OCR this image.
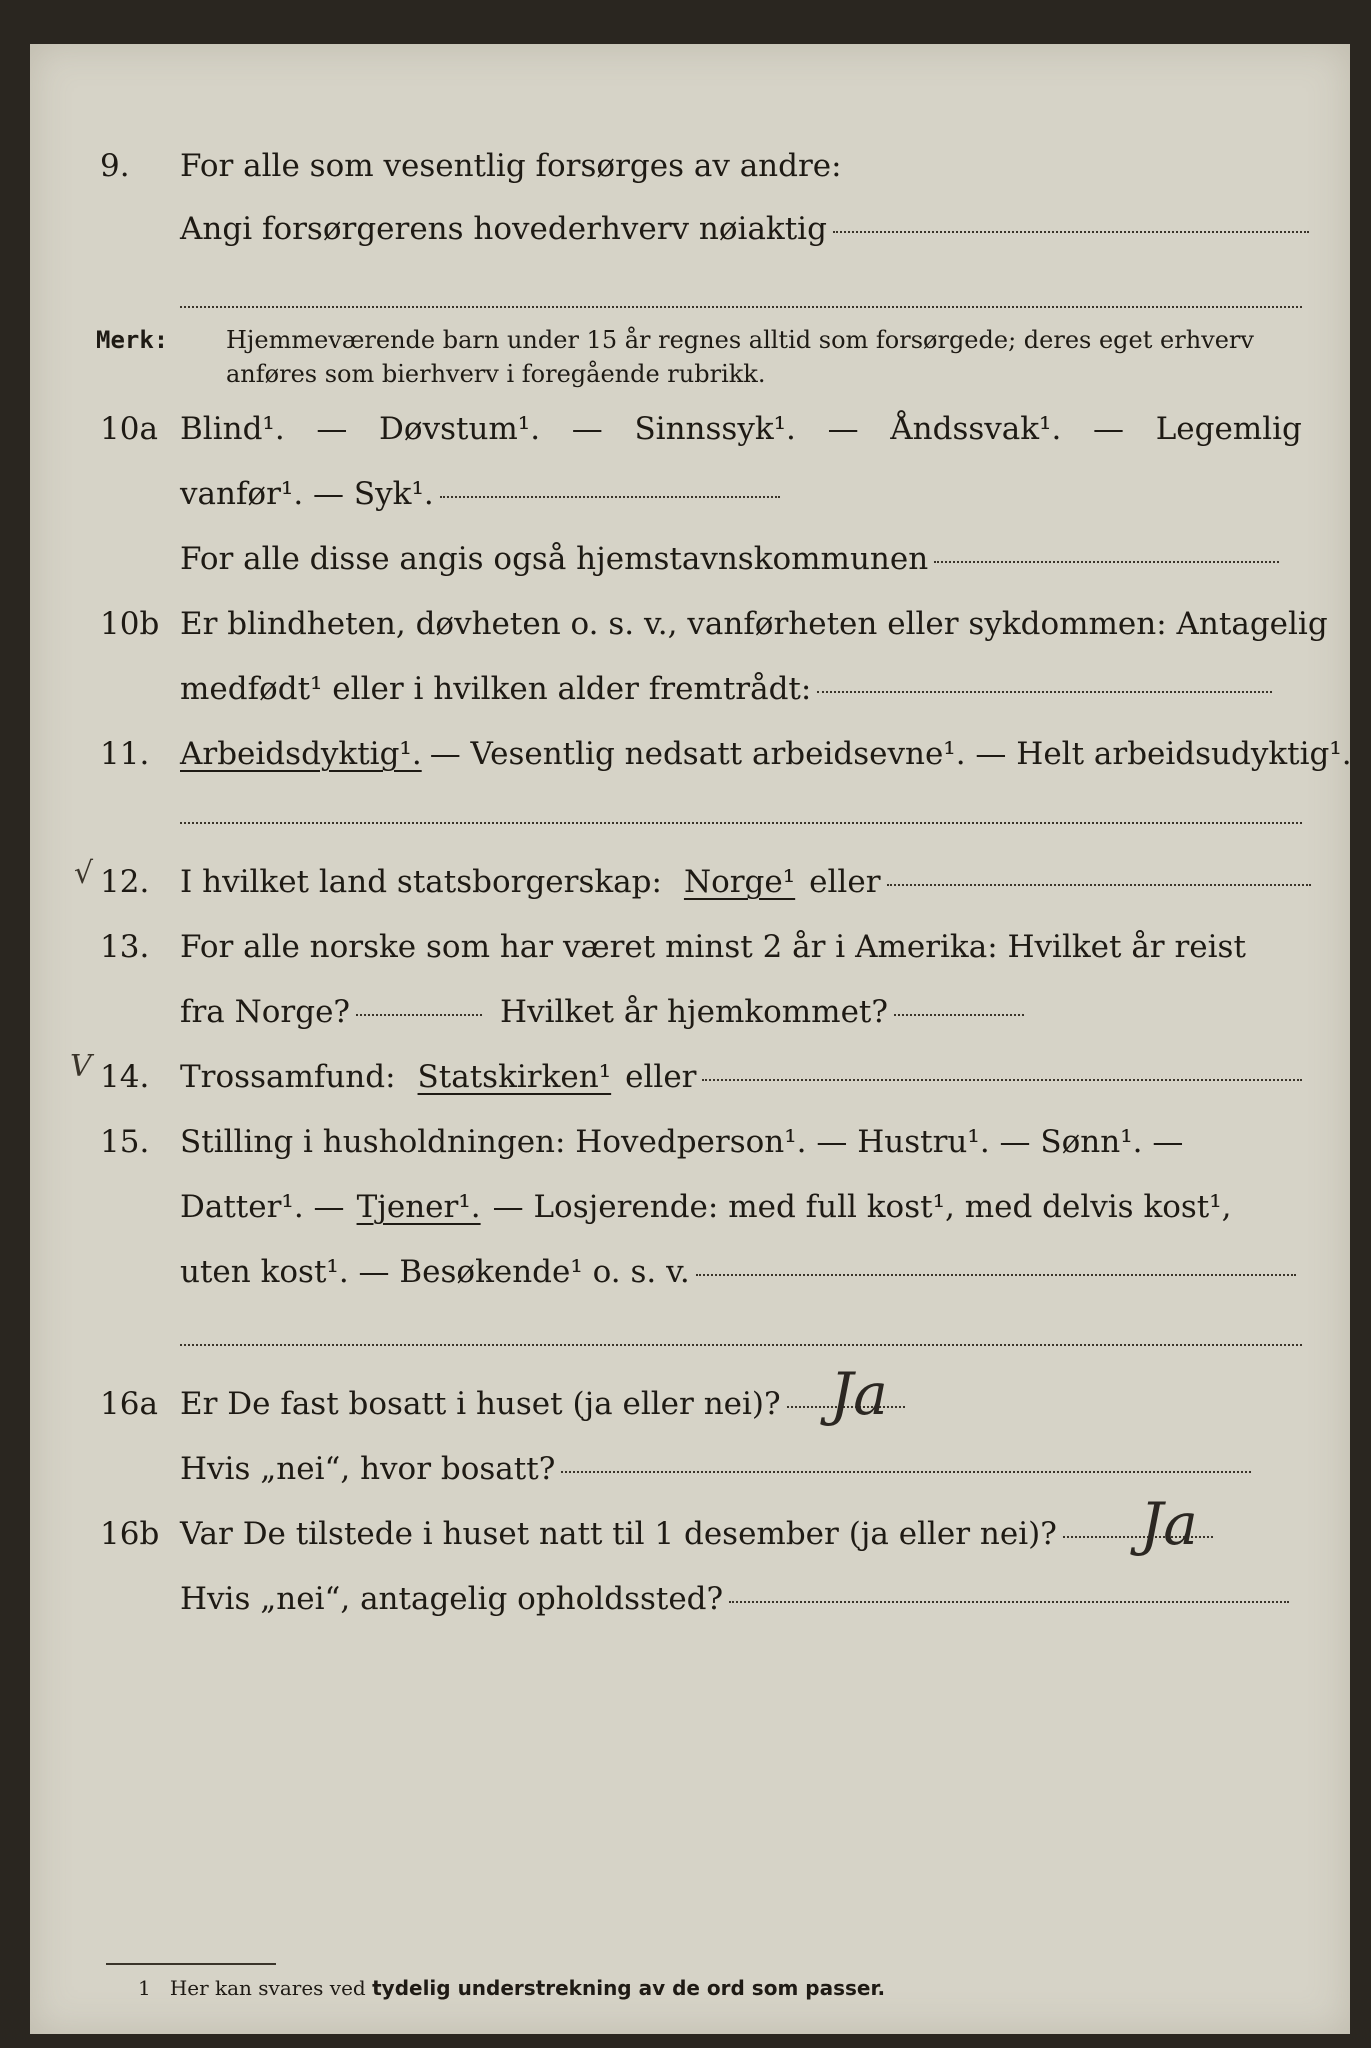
9. For alle som vesentlig forsørges av andre:
Angi forsørgerens hovederhverv nøiaktig
Merk: Hjemmeværende barn under 15 år regnes alltid som forsørgede; deres eget erhverv
anføres som bierhverv i foregående rubrikk.
10a Blind¹. — Døvstum¹. — Sinnssyk¹. — Åndssvak¹. — Legemlig
vanfør¹. — Syk¹.
For alle disse angis også hjemstavnskommunen
10b Er blindheten, døvheten o. s. v., vanførheten eller sykdommen: Antagelig
medfødt¹ eller i hvilken alder fremtrådt:
11. Arbeidsdyktig¹. — Vesentlig nedsatt arbeidsevne¹. — Helt arbeidsudyktig¹.
√ 12. I hvilket land statsborgerskap: Norge¹ eller
13. For alle norske som har været minst 2 år i Amerika: Hvilket år reist
fra Norge?	Hvilket år hjemkommet?
V 14. Trossamfund: Statskirken¹ eller
15. Stilling i husholdningen: Hovedperson¹. — Hustru¹. — Sønn¹. —
Datter¹. — Tjener¹. — Losjerende: med full kost¹, med delvis kost¹,
uten kost¹. — Besøkende¹ o. s. v.
16a Er De fast bosatt i huset (ja eller nei)? Ja
Hvis „nei“, hvor bosatt?
16b Var De tilstede i huset natt til 1 desember (ja eller nei)? Ja
Hvis „nei“, antagelig opholdssted?
1 Her kan svares ved tydelig understrekning av de ord som passer.
